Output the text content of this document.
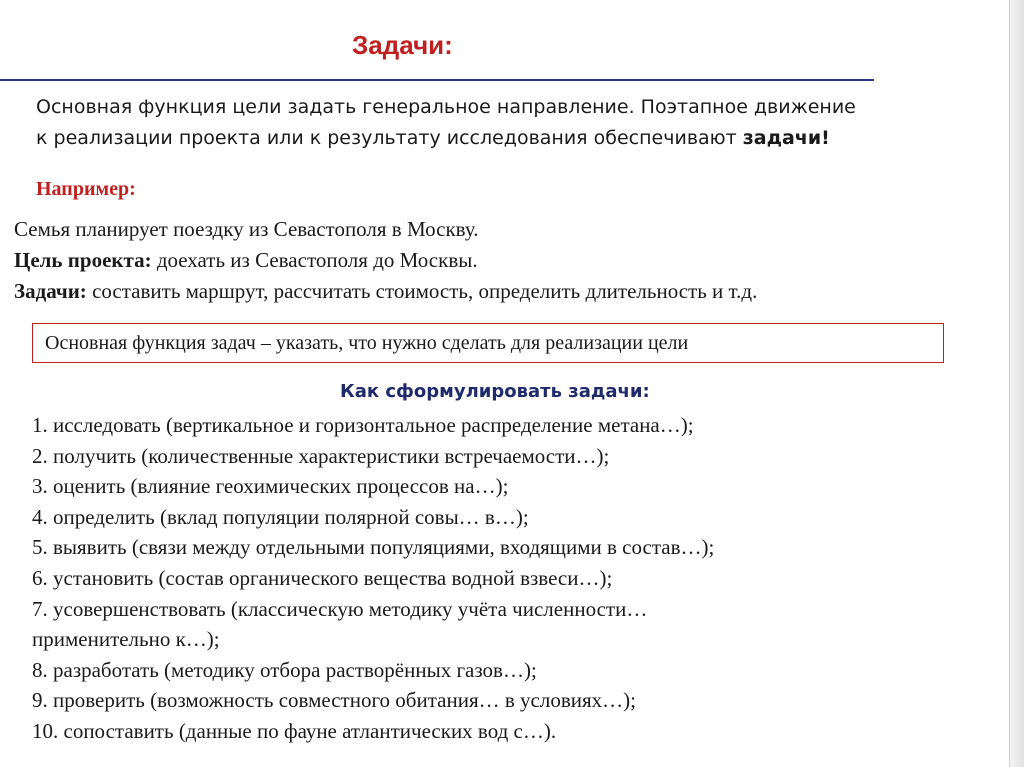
Задачи:
Основная функция цели задать генеральное направление. Поэтапное движение к реализации проекта или к результату исследования обеспечивают задачи!
Например:
Семья планирует поездку из Севастополя в Москву.
Цель проекта: доехать из Севастополя до Москвы.
Задачи: составить маршрут, рассчитать стоимость, определить длительность и т.д.
Основная функция задач – указать, что нужно сделать для реализации цели
Как сформулировать задачи:
1. исследовать (вертикальное и горизонтальное распределение метана…);
2. получить (количественные характеристики встречаемости…);
3. оценить (влияние геохимических процессов на…);
4. определить (вклад популяции полярной совы… в…);
5. выявить (связи между отдельными популяциями, входящими в состав…);
6. установить (состав органического вещества водной взвеси…);
7. усовершенствовать (классическую методику учёта численности…
применительно к…);
8. разработать (методику отбора растворённых газов…);
9. проверить (возможность совместного обитания… в условиях…);
10. сопоставить (данные по фауне атлантических вод с…).
